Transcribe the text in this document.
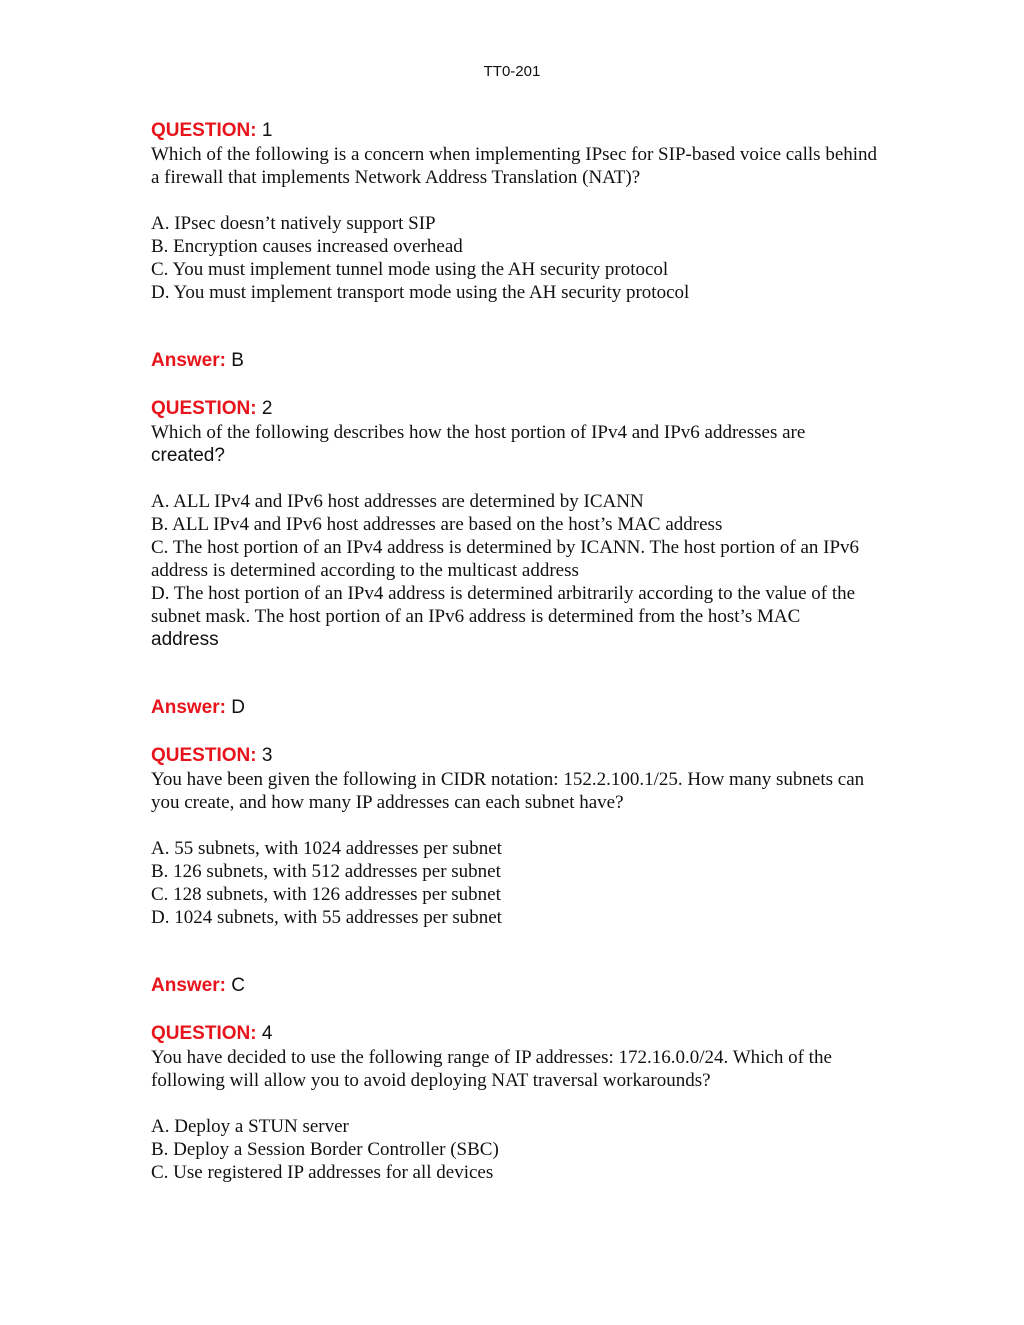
TT0-201

QUESTION: 1

Which of the following is a concern when implementing IPsec for SIP-based voice calls behind a firewall that implements Network Address Translation (NAT)?

A. IPsec doesn’t natively support SIP
B. Encryption causes increased overhead
C. You must implement tunnel mode using the AH security protocol
D. You must implement transport mode using the AH security protocol

Answer: B

QUESTION: 2

Which of the following describes how the host portion of IPv4 and IPv6 addresses are
created?

A. ALL IPv4 and IPv6 host addresses are determined by ICANN
B. ALL IPv4 and IPv6 host addresses are based on the host’s MAC address
C. The host portion of an IPv4 address is determined by ICANN. The host portion of an IPv6 address is determined according to the multicast address
D. The host portion of an IPv4 address is determined arbitrarily according to the value of the subnet mask. The host portion of an IPv6 address is determined from the host’s MAC
address

Answer: D

QUESTION: 3

You have been given the following in CIDR notation: 152.2.100.1/25. How many subnets can you create, and how many IP addresses can each subnet have?

A. 55 subnets, with 1024 addresses per subnet
B. 126 subnets, with 512 addresses per subnet
C. 128 subnets, with 126 addresses per subnet
D. 1024 subnets, with 55 addresses per subnet

Answer: C

QUESTION: 4

You have decided to use the following range of IP addresses: 172.16.0.0/24. Which of the following will allow you to avoid deploying NAT traversal workarounds?

A. Deploy a STUN server
B. Deploy a Session Border Controller (SBC)
C. Use registered IP addresses for all devices
